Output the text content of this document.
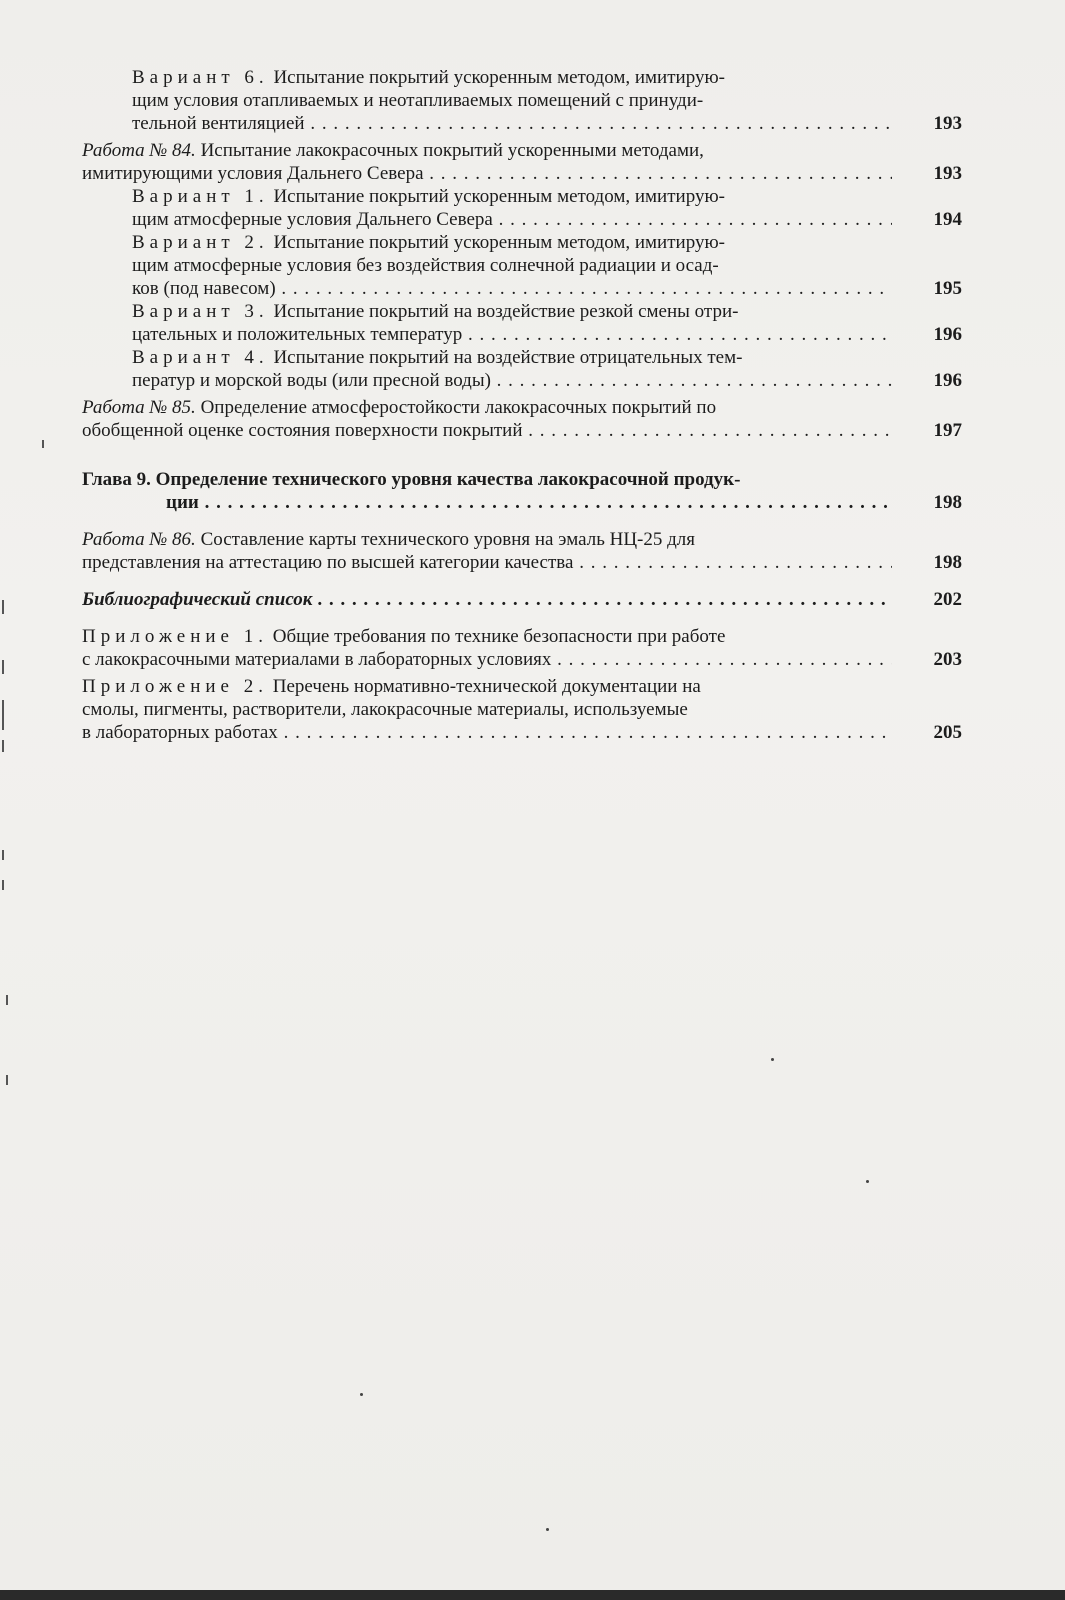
Вариант 6. Испытание покрытий ускоренным методом, имитирую-
щим условия отапливаемых и неотапливаемых помещений с принуди-
тельной вентиляцией . . .	193
Работа № 84. Испытание лакокрасочных покрытий ускоренными методами,
имитирующими условия Дальнего Севера . . .	193
Вариант 1. Испытание покрытий ускоренным методом, имитирую-
щим атмосферные условия Дальнего Севера . . .	194
Вариант 2. Испытание покрытий ускоренным методом, имитирую-
щим атмосферные условия без воздействия солнечной радиации и осад-
ков (под навесом) . . .	195
Вариант 3. Испытание покрытий на воздействие резкой смены отри-
цательных и положительных температур . . .	196
Вариант 4. Испытание покрытий на воздействие отрицательных тем-
ператур и морской воды (или пресной воды) . . .	196
Работа № 85. Определение атмосферостойкости лакокрасочных покрытий по
обобщенной оценке состояния поверхности покрытий . . .	197
Глава 9. Определение технического уровня качества лакокрасочной продук-
ции . . .	198
Работа № 86. Составление карты технического уровня на эмаль НЦ-25 для
представления на аттестацию по высшей категории качества . . .	198
Библиографический список . . .	202
Приложение 1. Общие требования по технике безопасности при работе
с лакокрасочными материалами в лабораторных условиях . . .	203
Приложение 2. Перечень нормативно-технической документации на
смолы, пигменты, растворители, лакокрасочные материалы, используемые
в лабораторных работах . . .	205
